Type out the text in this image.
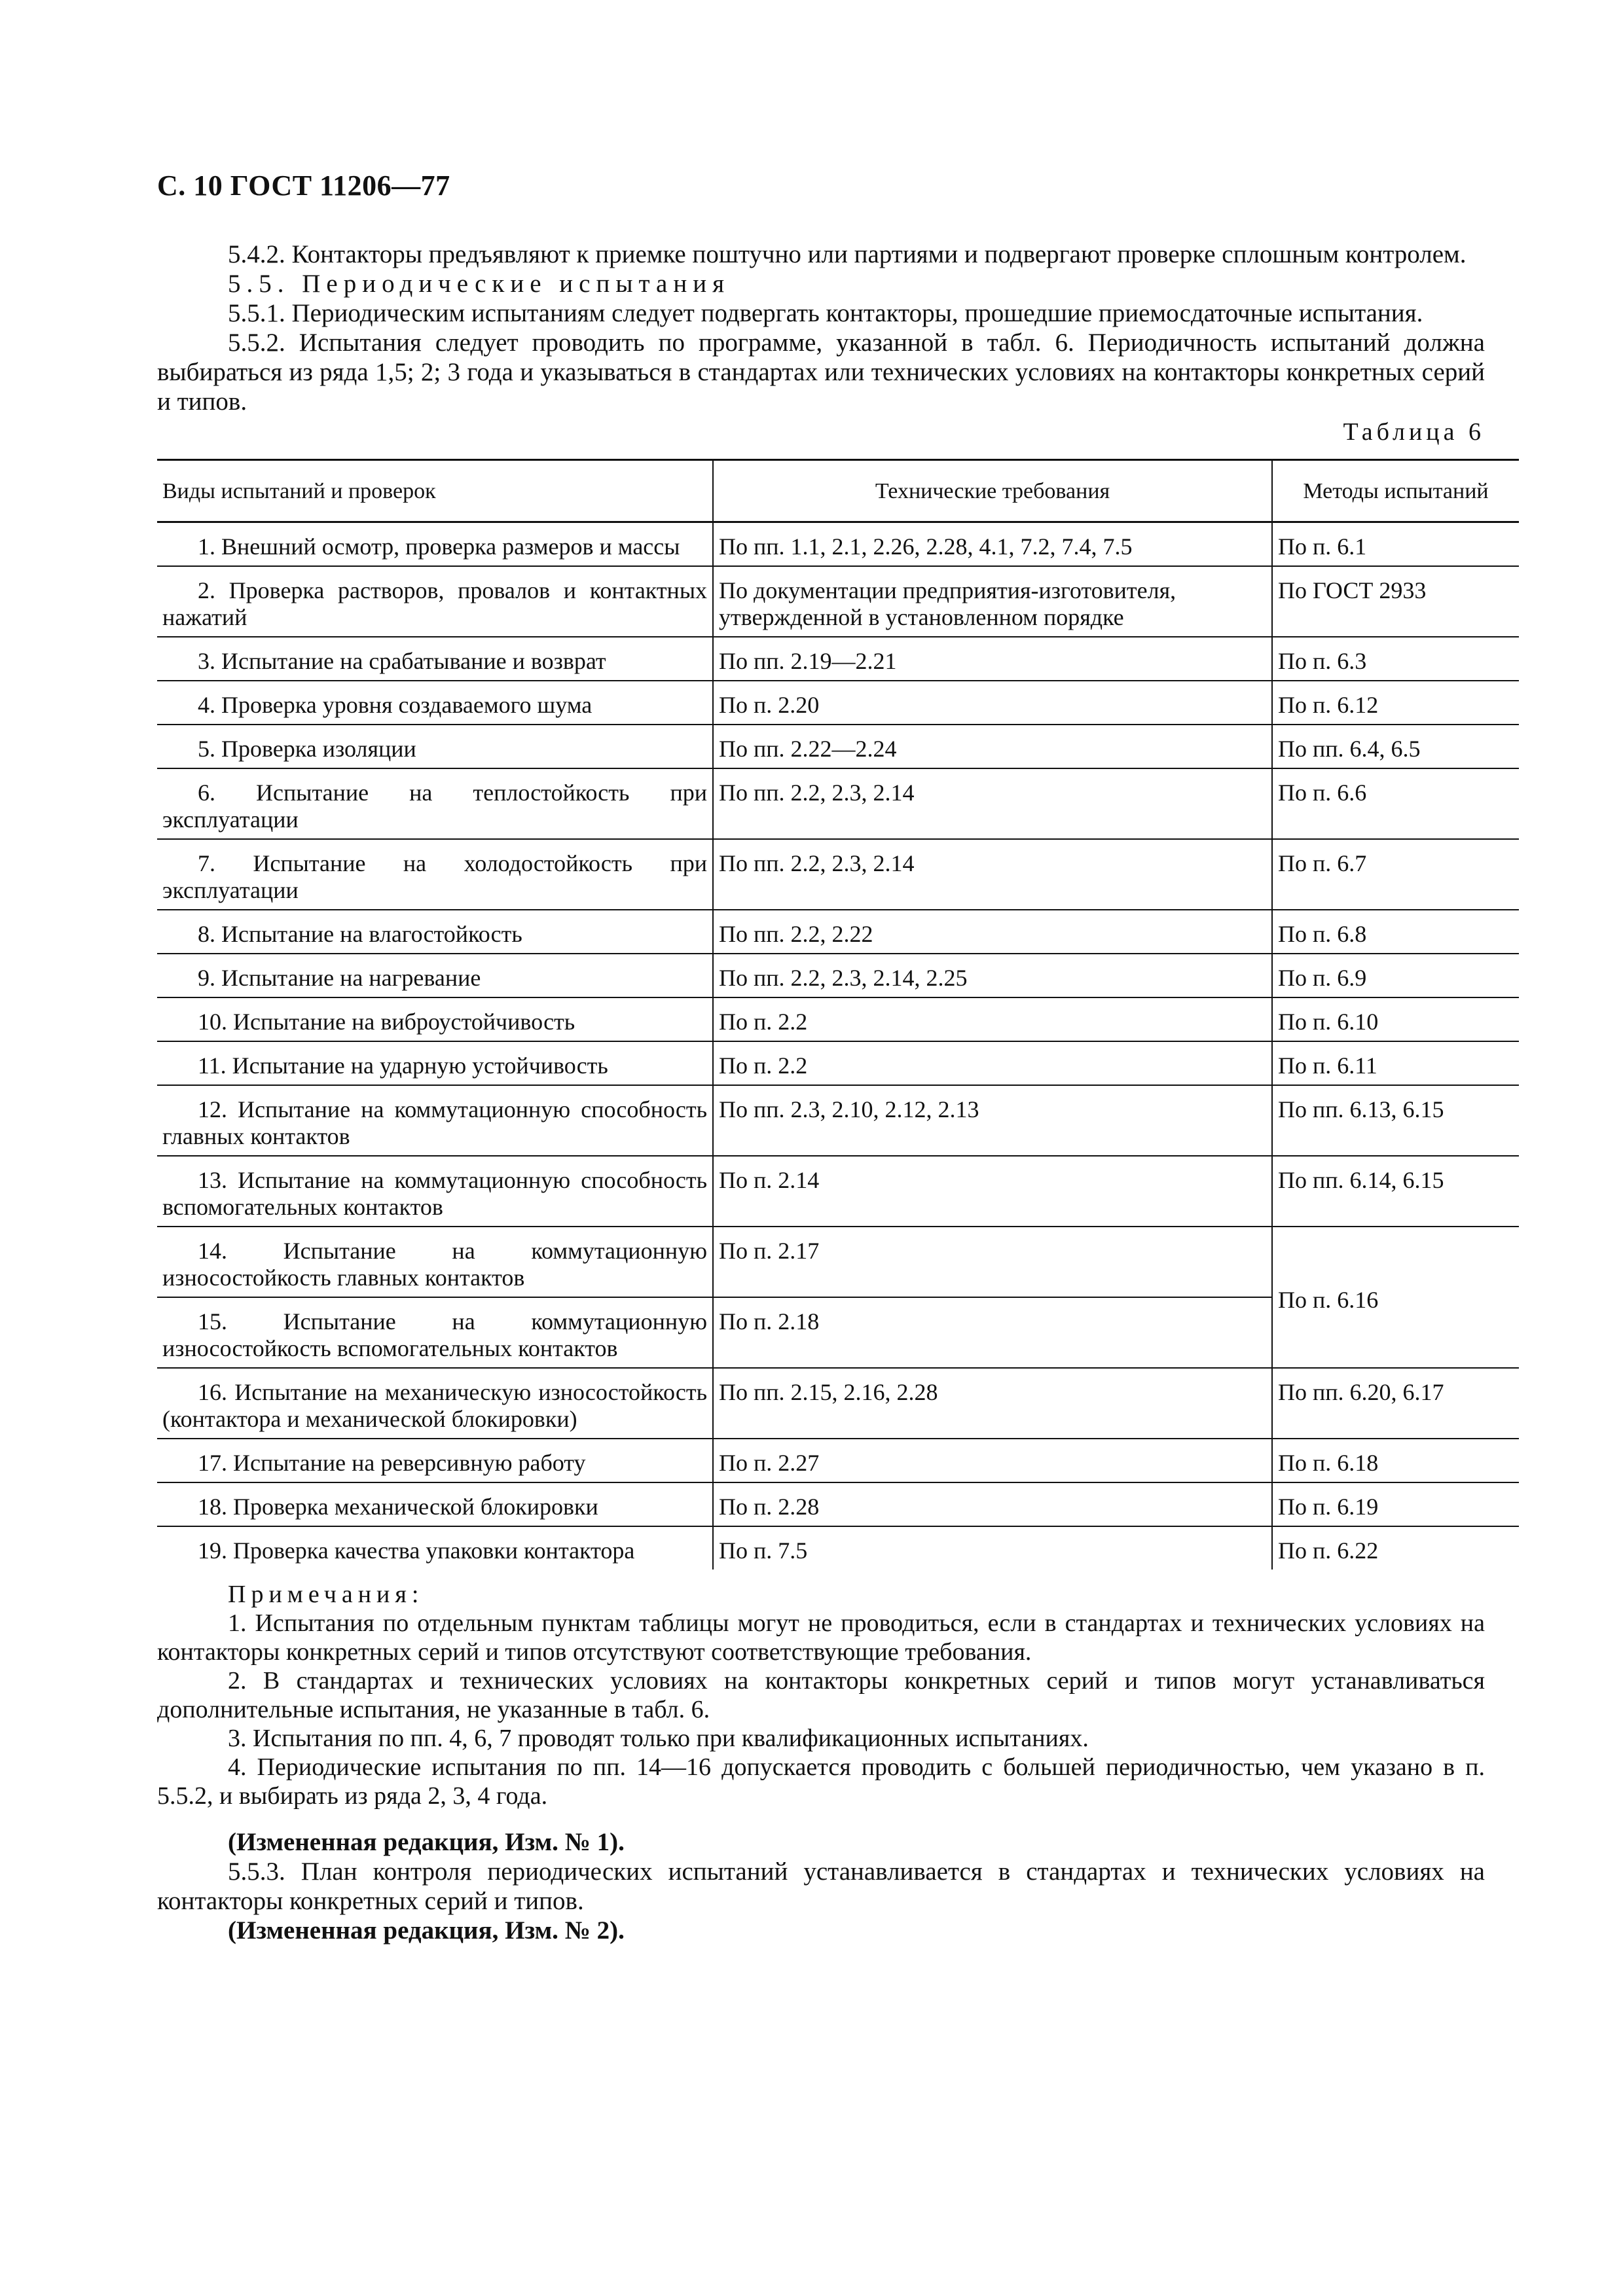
С. 10 ГОСТ 11206—77

5.4.2. Контакторы предъявляют к приемке поштучно или партиями и подвергают проверке сплошным контролем.

5.5. Периодические испытания

5.5.1. Периодическим испытаниям следует подвергать контакторы, прошедшие приемосдаточные испытания.

5.5.2. Испытания следует проводить по программе, указанной в табл. 6. Периодичность испытаний должна выбираться из ряда 1,5; 2; 3 года и указываться в стандартах или технических условиях на контакторы конкретных серий и типов.

Таблица 6
Виды испытаний и проверок	Технические требования	Методы испытаний

1. Внешний осмотр, проверка размеров и массы	По пп. 1.1, 2.1, 2.26, 2.28, 4.1, 7.2, 7.4, 7.5	По п. 6.1

2. Проверка растворов, провалов и контактных нажатий	По документации предприятия-изготовителя, утвержденной в установленном порядке	По ГОСТ 2933

3. Испытание на срабатывание и возврат	По пп. 2.19—2.21	По п. 6.3

4. Проверка уровня создаваемого шума	По п. 2.20	По п. 6.12

5. Проверка изоляции	По пп. 2.22—2.24	По пп. 6.4, 6.5

6. Испытание на теплостойкость при эксплуатации	По пп. 2.2, 2.3, 2.14	По п. 6.6

7. Испытание на холодостойкость при эксплуатации	По пп. 2.2, 2.3, 2.14	По п. 6.7

8. Испытание на влагостойкость	По пп. 2.2, 2.22	По п. 6.8

9. Испытание на нагревание	По пп. 2.2, 2.3, 2.14, 2.25	По п. 6.9

10. Испытание на виброустойчивость	По п. 2.2	По п. 6.10

11. Испытание на ударную устойчивость	По п. 2.2	По п. 6.11

12. Испытание на коммутационную способность главных контактов	По пп. 2.3, 2.10, 2.12, 2.13	По пп. 6.13, 6.15

13. Испытание на коммутационную способность вспомогательных контактов	По п. 2.14	По пп. 6.14, 6.15

14. Испытание на коммутационную износостойкость главных контактов	По п. 2.17	По п. 6.16

15. Испытание на коммутационную износостойкость вспомогательных контактов	По п. 2.18	

16. Испытание на механическую износостойкость (контактора и механической блокировки)	По пп. 2.15, 2.16, 2.28	По пп. 6.20, 6.17

17. Испытание на реверсивную работу	По п. 2.27	По п. 6.18

18. Проверка механической блокировки	По п. 2.28	По п. 6.19

19. Проверка качества упаковки контактора	По п. 7.5	По п. 6.22

Примечания:

1. Испытания по отдельным пунктам таблицы могут не проводиться, если в стандартах и технических условиях на контакторы конкретных серий и типов отсутствуют соответствующие требования.

2. В стандартах и технических условиях на контакторы конкретных серий и типов могут устанавливаться дополнительные испытания, не указанные в табл. 6.

3. Испытания по пп. 4, 6, 7 проводят только при квалификационных испытаниях.

4. Периодические испытания по пп. 14—16 допускается проводить с большей периодичностью, чем указано в п. 5.5.2, и выбирать из ряда 2, 3, 4 года.

(Измененная редакция, Изм. № 1).

5.5.3. План контроля периодических испытаний устанавливается в стандартах и технических условиях на контакторы конкретных серий и типов.

(Измененная редакция, Изм. № 2).
